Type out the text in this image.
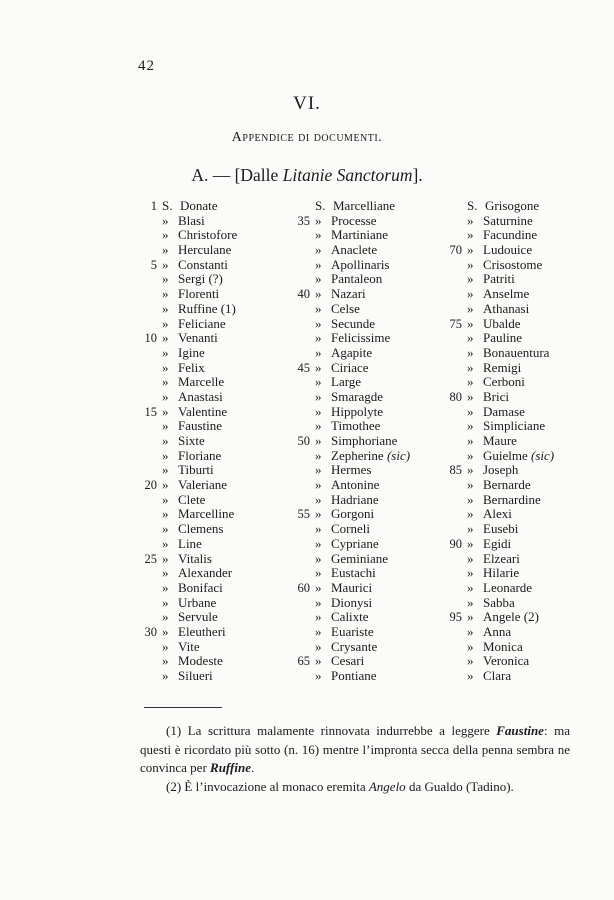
42
VI.
Appendice di documenti.
A. — [Dalle Litanie Sanctorum].
1 S. Donate
» Blasi
» Christofore
» Herculane
5 » Constanti
» Sergi (?)
» Florenti
» Ruffine (1)
» Feliciane
10 » Venanti
» Igine
» Felix
» Marcelle
» Anastasi
15 » Valentine
» Faustine
» Sixte
» Floriane
» Tiburti
20 » Valeriane
» Clete
» Marcelline
» Clemens
» Line
25 » Vitalis
» Alexander
» Bonifaci
» Urbane
» Servule
30 » Eleutheri
» Vite
» Modeste
» Silueri
S. Marcelliane
35 » Processe
» Martiniane
» Anaclete
» Apollinaris
» Pantaleon
40 » Nazari
» Celse
» Secunde
» Felicissime
» Agapite
45 » Ciriace
» Large
» Smaragde
» Hippolyte
» Timothee
50 » Simphoriane
» Zepherine (sic)
» Hermes
» Antonine
» Hadriane
55 » Gorgoni
» Corneli
» Cypriane
» Geminiane
» Eustachi
60 » Maurici
» Dionysi
» Calixte
» Euariste
» Crysante
65 » Cesari
» Pontiane
S. Grisogone
» Saturnine
» Facundine
70 » Ludouice
» Crisostome
» Patriti
» Anselme
» Athanasi
75 » Ubalde
» Pauline
» Bonauentura
» Remigi
» Cerboni
80 » Brici
» Damase
» Simpliciane
» Maure
» Guielme (sic)
85 » Joseph
» Bernarde
» Bernardine
» Alexi
» Eusebi
90 » Egidi
» Elzeari
» Hilarie
» Leonarde
» Sabba
95 » Angele (2)
» Anna
» Monica
» Veronica
» Clara

(1) La scrittura malamente rinnovata indurrebbe a leggere Faustine: ma questi è ricordato più sotto (n. 16) mentre l’impronta secca della penna sembra ne convinca per Ruffine.

(2) È l’invocazione al monaco eremita Angelo da Gualdo (Tadino).
